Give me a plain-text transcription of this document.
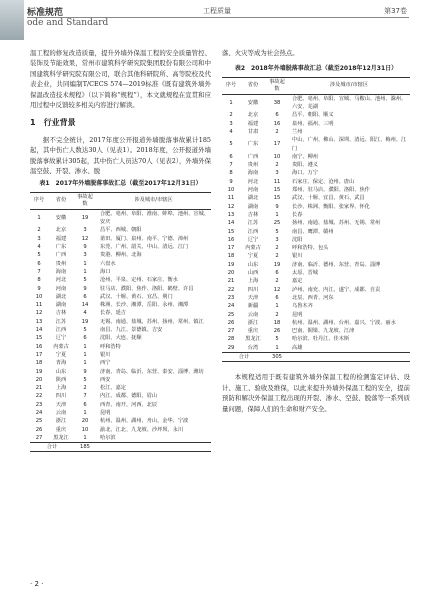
标准规范
ode and Standard
工程质量	第37卷

温工程的修复改造质量，提升外墙外保温工程的安全质量管控、装饰及节能效果，常州市建筑科学研究院集团股份有限公司和中国建筑科学研究院有限公司，联合其他科研院所、高等院校及代表企业，共同编制T/CECS 574—2019标准《既有建筑外墙外保温改造技术规程》（以下简称“规程”），本文就规程在宣贯和应用过程中反馈较多相关内容进行解读。

1　行业背景

据不完全统计，2017年度公开报道外墙脱落事故累计185起，其中伤亡人数达30人（见表1）。2018年度，公开报道外墙脱落事故累计305起，其中伤亡人员达70人（见表2），外墙外保温空鼓、开裂、渗水、脱

表1　2017年外墙脱落事故汇总（截至2017年12月31日）
序号	省份	事故起数	涉及城市/市辖区
1	安徽	19	合肥、亳州、阜阳、淮南、蚌埠、池州、宣城、安庆
2	北京	3	昌平、西城、朝阳
3	福建	12	莆田、厦门、泉州、南平、宁德、漳州
4	广东	9	东莞、广州、韶关、中山、清远、江门
5	广西	3	贵港、柳州、北海
6	贵州	1	六盘水
7	海南	1	海口
8	河北	5	沧州、平泉、定州、石家庄、衡水
9	河南	9	驻马店、濮阳、焦作、洛阳、鹤壁、许昌
10	湖北	6	武汉、十堰、黄石、宜昌、荆门
11	湖南	14	株洲、长沙、湘潭、岳阳、永州、湘潭
12	吉林	4	长春、延吉
13	江苏	19	无锡、南通、盐城、苏州、扬州、常州、镇江
14	江西	5	南昌、九江、景德镇、吉安
15	辽宁	6	沈阳、大连、抚顺
16	内蒙古	1	呼和浩特
17	宁夏	1	银川
18	青海	1	西宁
19	山东	9	济南、青岛、临沂、东营、泰安、淄博、潍坊
20	陕西	5	西安
21	上海	2	松江、嘉定
22	四川	7	内江、成都、德阳、眉山
23	天津	6	西青、南开、河西、北辰
24	云南	1	昆明
25	浙江	20	杭州、温州、湖州、舟山、金华、宁波
26	重庆	10	渝北、江北、九龙坡、沙坪坝、永川
27	黑龙江	1	哈尔滨
合计		185	

落、火灾等成为社会热点。

表2　2018年外墙脱落事故汇总（截至2018年12月31日）
序号	省份	事故起数	涉及城市/市辖区
1	安徽	38	合肥、亳州、阜阳、宣城、马鞍山、池州、滁州、六安、芜湖
2	北京	6	昌平、朝阳、顺义
3	福建	16	泉州、福州、三明
4	甘肃	2	兰州
5	广东	17	中山、广州、佛山、深圳、清远、阳江、梅州、江门
6	广西	10	南宁、柳州
7	贵州	2	贵阳、遵义
8	海南	3	海口、万宁
9	河北	11	石家庄、保定、沧州、唐山
10	河南	15	郑州、驻马店、濮阳、洛阳、焦作
11	湖北	15	武汉、十堰、宜昌、黄石、武昌
12	湖南	9	长沙、株洲、衡阳、张家界、怀化
13	吉林	1	长春
14	江苏	25	扬州、南通、盐城、苏州、无锡、常州
15	江西	5	南昌、鹰潭、赣州
16	辽宁	3	沈阳
17	内蒙古	2	呼和浩特、包头
18	宁夏	2	银川
19	山东	19	济南、临沂、德州、东营、青岛、淄博
20	山西	6	太原、晋城
21	上海	2	嘉定
22	四川	12	泸州、南充、内江、遂宁、成都、自贡
23	天津	6	北辰、西青、河东
24	新疆	1	乌鲁木齐
25	云南	2	昆明
26	浙江	18	杭州、温州、湖州、台州、嘉兴、宁波、丽水
27	重庆	26	巴南、铜梁、九龙坡、江津
28	黑龙江	5	哈尔滨、牡丹江、佳木斯
29	台湾	1	高雄
合计		305	

本规程适用于既有建筑外墙外保温工程的检测鉴定评估、设计、施工、验收及维保，以此来提升外墙外保温工程的安全，提前预防和解决外保温工程出现的开裂、渗水、空鼓、脱落等一系列质量问题，保障人们的生命和财产安全。

· 2 ·
